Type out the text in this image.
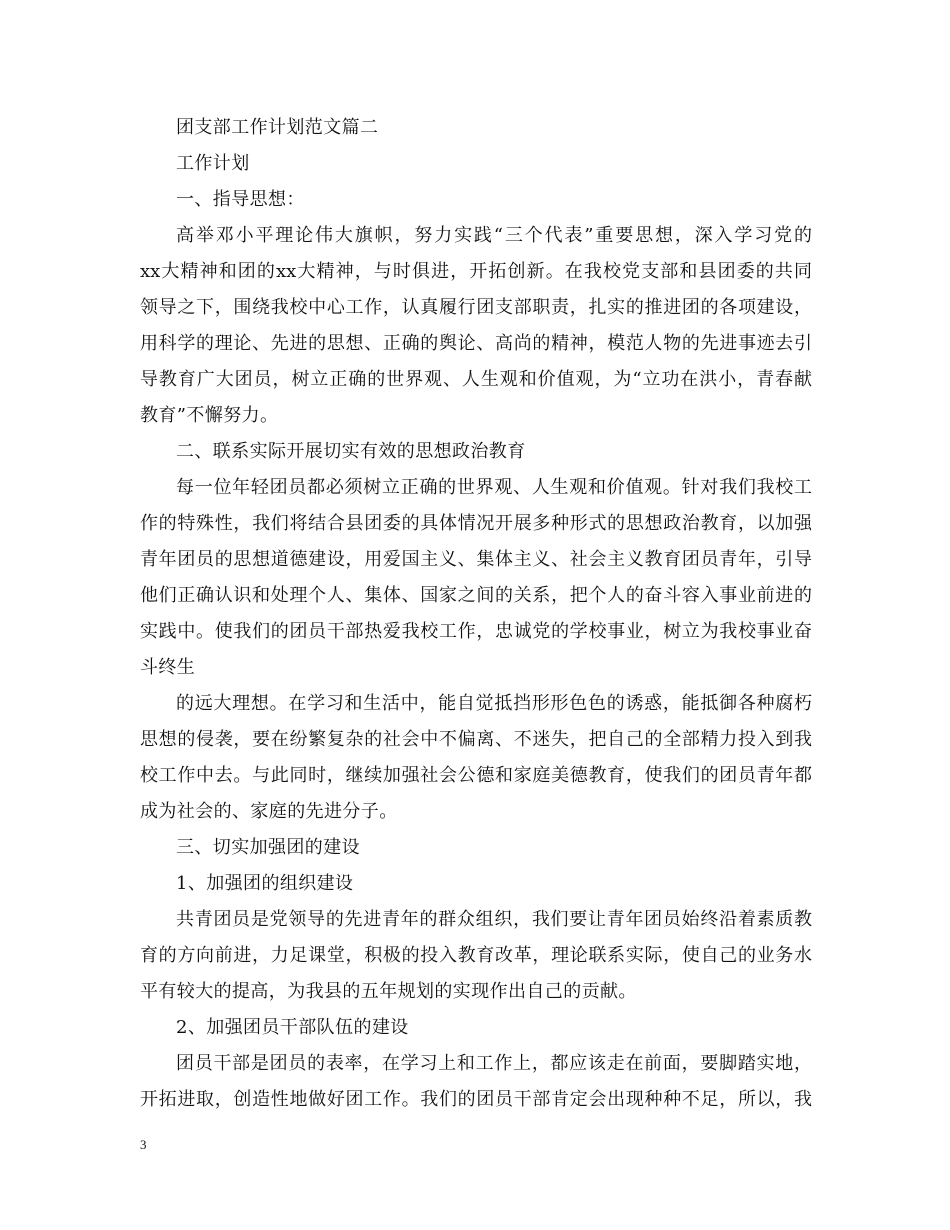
团支部工作计划范文篇二
工作计划
一、指导思想：
高举邓小平理论伟大旗帜，努力实践“三个代表”重要思想，深入学习党的
xx大精神和团的xx大精神，与时俱进，开拓创新。在我校党支部和县团委的共同
领导之下，围绕我校中心工作，认真履行团支部职责，扎实的推进团的各项建设，
用科学的理论、先进的思想、正确的舆论、高尚的精神，模范人物的先进事迹去引
导教育广大团员，树立正确的世界观、人生观和价值观，为“立功在洪小，青春献
教育”不懈努力。
二、联系实际开展切实有效的思想政治教育
每一位年轻团员都必须树立正确的世界观、人生观和价值观。针对我们我校工
作的特殊性，我们将结合县团委的具体情况开展多种形式的思想政治教育，以加强
青年团员的思想道德建设，用爱国主义、集体主义、社会主义教育团员青年，引导
他们正确认识和处理个人、集体、国家之间的关系，把个人的奋斗容入事业前进的
实践中。使我们的团员干部热爱我校工作，忠诚党的学校事业，树立为我校事业奋
斗终生
的远大理想。在学习和生活中，能自觉抵挡形形色色的诱惑，能抵御各种腐朽
思想的侵袭，要在纷繁复杂的社会中不偏离、不迷失，把自己的全部精力投入到我
校工作中去。与此同时，继续加强社会公德和家庭美德教育，使我们的团员青年都
成为社会的、家庭的先进分子。
三、切实加强团的建设
1、加强团的组织建设
共青团员是党领导的先进青年的群众组织，我们要让青年团员始终沿着素质教
育的方向前进，力足课堂，积极的投入教育改革，理论联系实际，使自己的业务水
平有较大的提高，为我县的五年规划的实现作出自己的贡献。
2、加强团员干部队伍的建设
团员干部是团员的表率，在学习上和工作上，都应该走在前面，要脚踏实地，
开拓进取，创造性地做好团工作。我们的团员干部肯定会出现种种不足，所以，我
3
